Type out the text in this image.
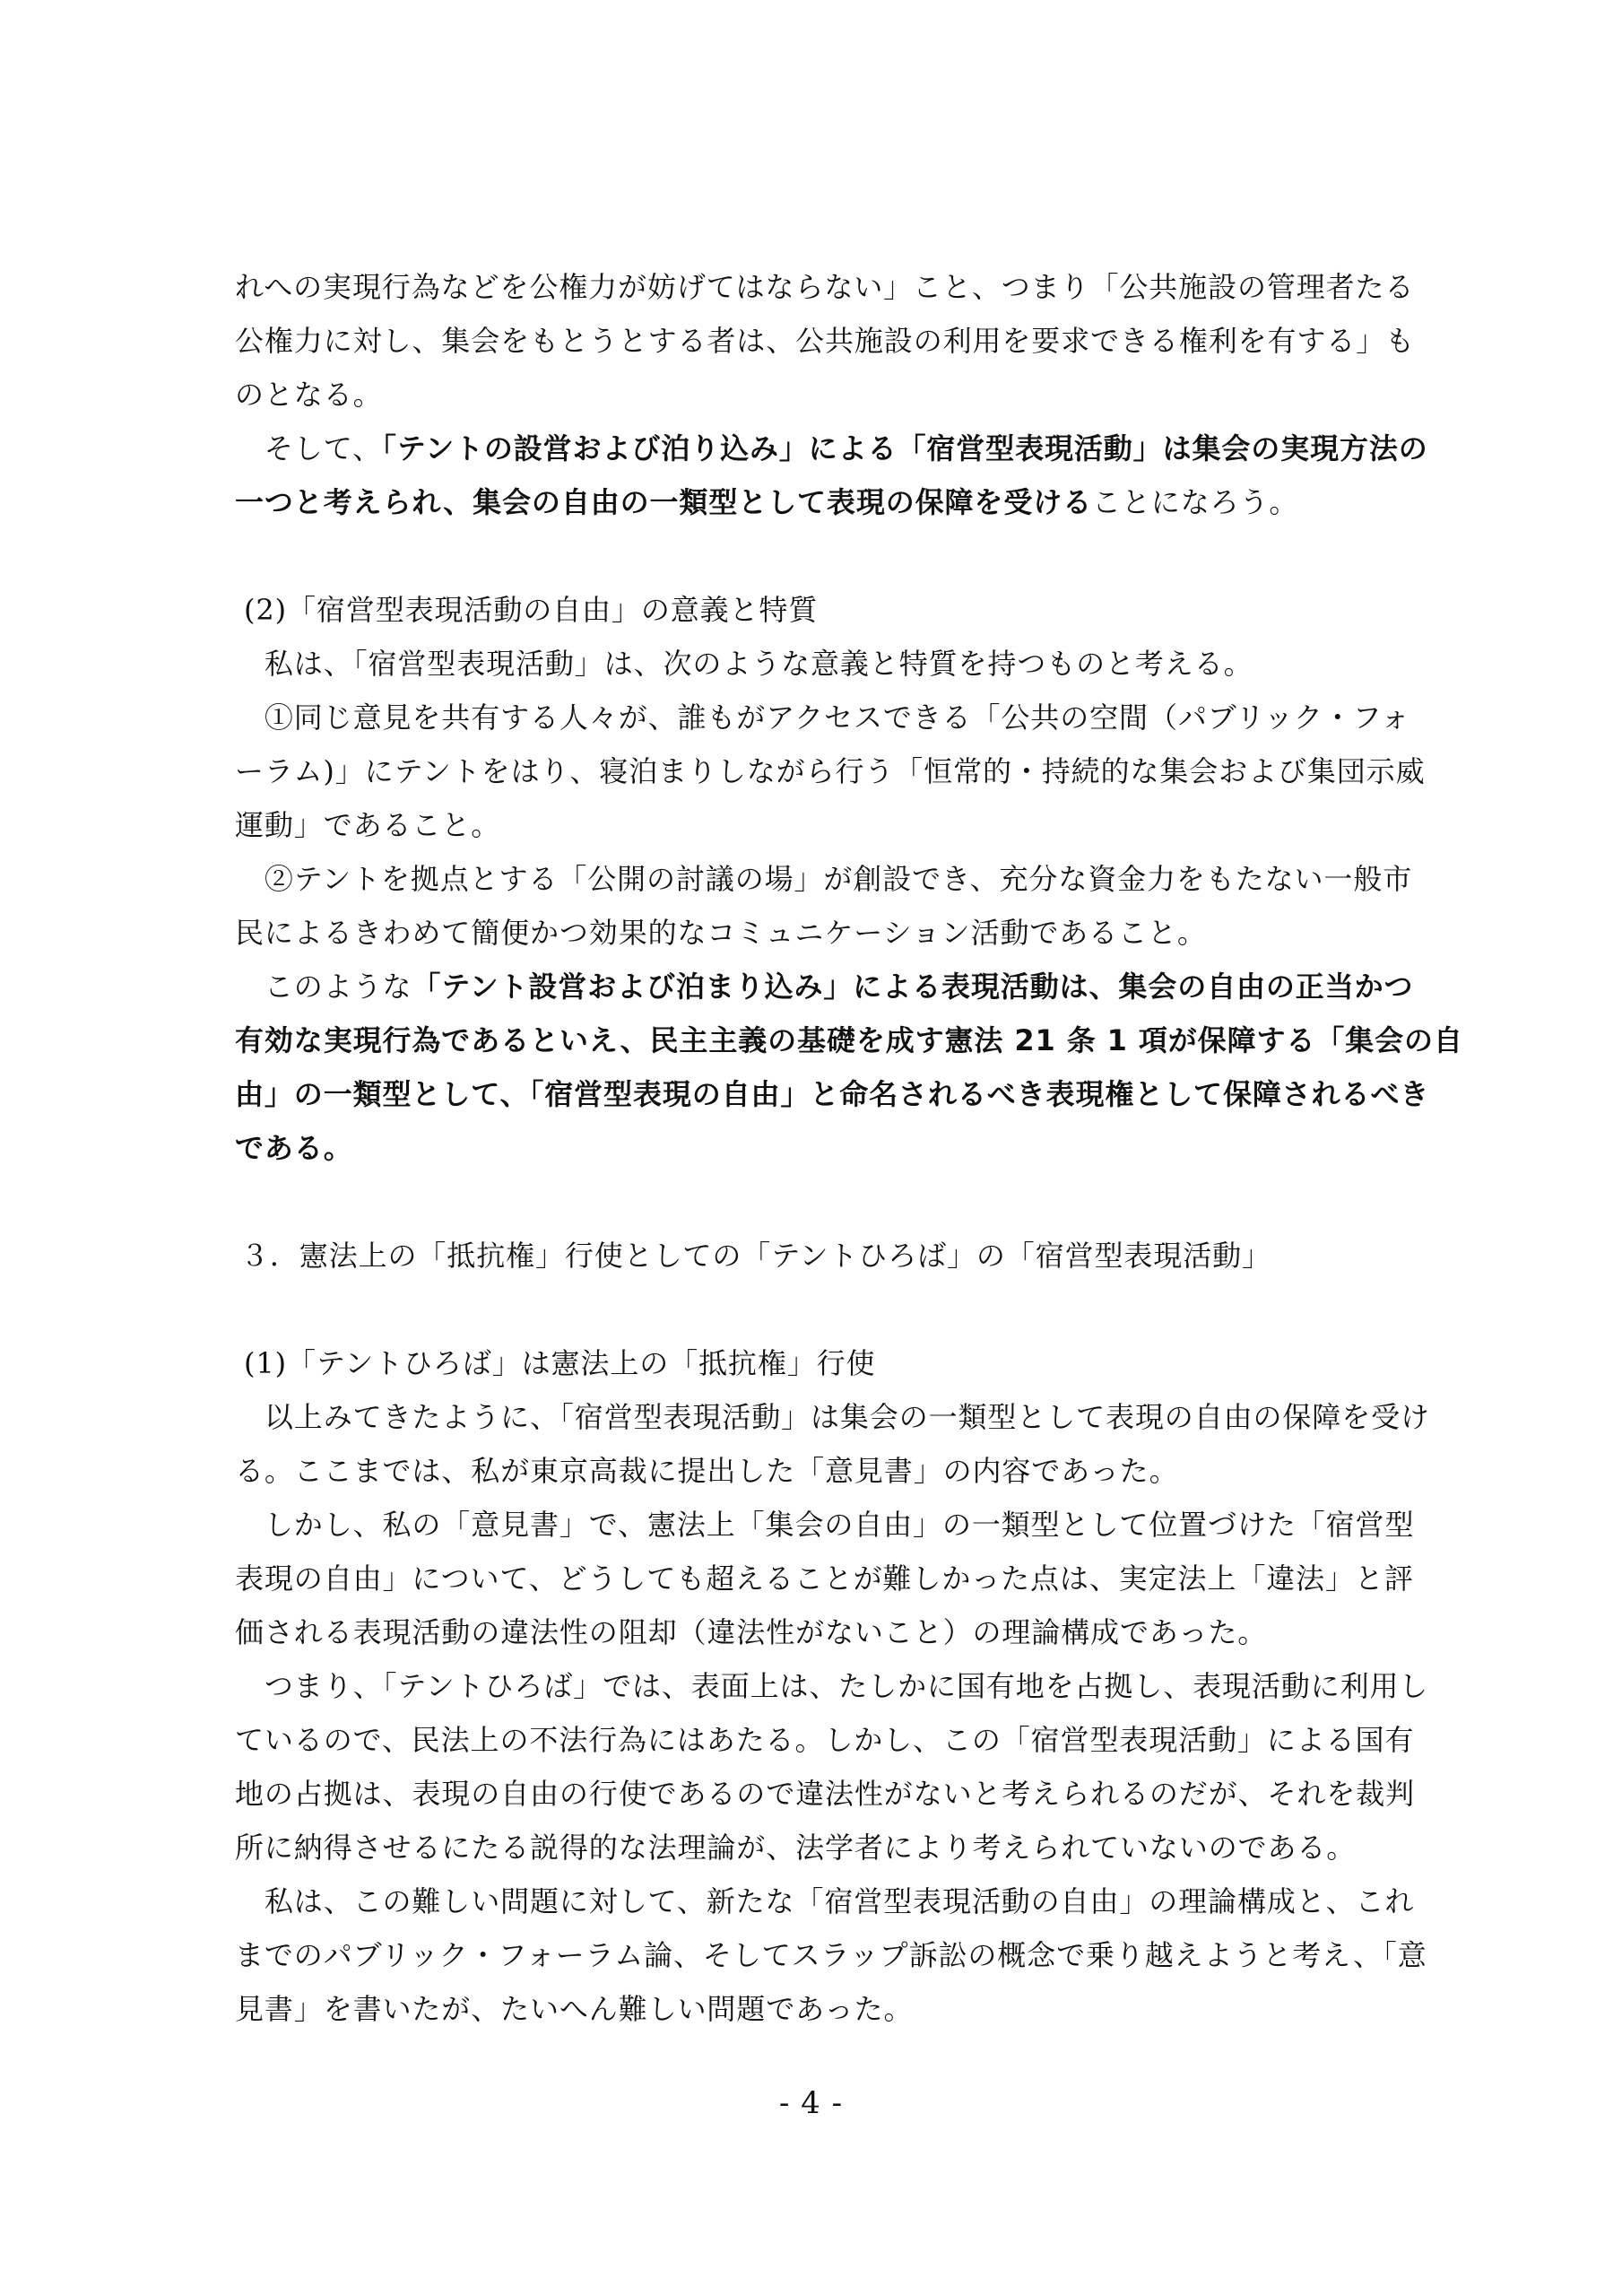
れへの実現行為などを公権力が妨げてはならない」こと、つまり「公共施設の管理者たる
公権力に対し、集会をもとうとする者は、公共施設の利用を要求できる権利を有する」も
のとなる。
　そして、「テントの設営および泊り込み」による「宿営型表現活動」は集会の実現方法の
一つと考えられ、集会の自由の一類型として表現の保障を受けることになろう。
(2)「宿営型表現活動の自由」の意義と特質
　私は、「宿営型表現活動」は、次のような意義と特質を持つものと考える。
　①同じ意見を共有する人々が、誰もがアクセスできる「公共の空間（パブリック・フォ
ーラム)」にテントをはり、寝泊まりしながら行う「恒常的・持続的な集会および集団示威
運動」であること。
　②テントを拠点とする「公開の討議の場」が創設でき、充分な資金力をもたない一般市
民によるきわめて簡便かつ効果的なコミュニケーション活動であること。
　このような「テント設営および泊まり込み」による表現活動は、集会の自由の正当かつ
有効な実現行為であるといえ、民主主義の基礎を成す憲法 21 条 1 項が保障する「集会の自
由」の一類型として、「宿営型表現の自由」と命名されるべき表現権として保障されるべき
である。
３．憲法上の「抵抗権」行使としての「テントひろば」の「宿営型表現活動」
(1)「テントひろば」は憲法上の「抵抗権」行使
　以上みてきたように、「宿営型表現活動」は集会の一類型として表現の自由の保障を受け
る。ここまでは、私が東京高裁に提出した「意見書」の内容であった。
　しかし、私の「意見書」で、憲法上「集会の自由」の一類型として位置づけた「宿営型
表現の自由」について、どうしても超えることが難しかった点は、実定法上「違法」と評
価される表現活動の違法性の阻却（違法性がないこと）の理論構成であった。
　つまり、「テントひろば」では、表面上は、たしかに国有地を占拠し、表現活動に利用し
ているので、民法上の不法行為にはあたる。しかし、この「宿営型表現活動」による国有
地の占拠は、表現の自由の行使であるので違法性がないと考えられるのだが、それを裁判
所に納得させるにたる説得的な法理論が、法学者により考えられていないのである。
　私は、この難しい問題に対して、新たな「宿営型表現活動の自由」の理論構成と、これ
までのパブリック・フォーラム論、そしてスラップ訴訟の概念で乗り越えようと考え、「意
見書」を書いたが、たいへん難しい問題であった。
- 4 -
